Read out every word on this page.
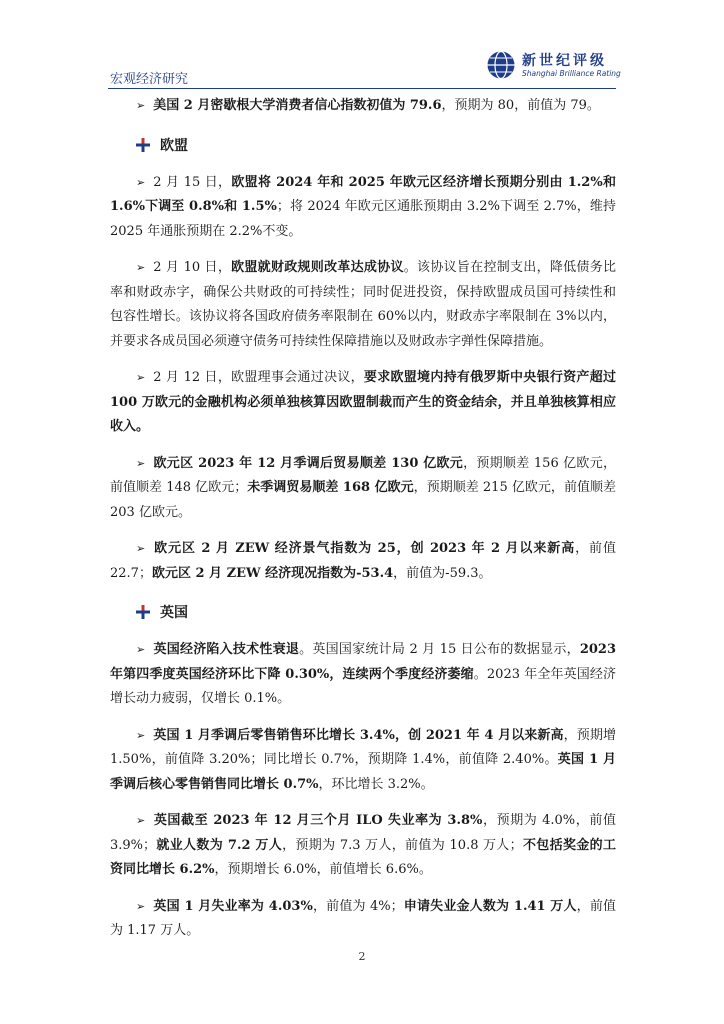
宏观经济研究
新世纪评级
Shanghai Brilliance Rating

➢ 美国 2 月密歇根大学消费者信心指数初值为 79.6，预期为 80，前值为 79。

欧盟

➢ 2 月 15 日，欧盟将 2024 年和 2025 年欧元区经济增长预期分别由 1.2%和 1.6%下调至 0.8%和 1.5%；将 2024 年欧元区通胀预期由 3.2%下调至 2.7%，维持 2025 年通胀预期在 2.2%不变。

➢ 2 月 10 日，欧盟就财政规则改革达成协议。该协议旨在控制支出，降低债务比率和财政赤字，确保公共财政的可持续性；同时促进投资，保持欧盟成员国可持续性和包容性增长。该协议将各国政府债务率限制在 60%以内，财政赤字率限制在 3%以内，并要求各成员国必须遵守债务可持续性保障措施以及财政赤字弹性保障措施。

➢ 2 月 12 日，欧盟理事会通过决议，要求欧盟境内持有俄罗斯中央银行资产超过 100 万欧元的金融机构必须单独核算因欧盟制裁而产生的资金结余，并且单独核算相应收入。

➢ 欧元区 2023 年 12 月季调后贸易顺差 130 亿欧元，预期顺差 156 亿欧元，前值顺差 148 亿欧元；未季调贸易顺差 168 亿欧元，预期顺差 215 亿欧元，前值顺差 203 亿欧元。

➢ 欧元区 2 月 ZEW 经济景气指数为 25，创 2023 年 2 月以来新高，前值 22.7；欧元区 2 月 ZEW 经济现况指数为-53.4，前值为-59.3。

英国

➢ 英国经济陷入技术性衰退。英国国家统计局 2 月 15 日公布的数据显示，2023 年第四季度英国经济环比下降 0.30%，连续两个季度经济萎缩。2023 年全年英国经济增长动力疲弱，仅增长 0.1%。

➢ 英国 1 月季调后零售销售环比增长 3.4%，创 2021 年 4 月以来新高，预期增 1.50%，前值降 3.20%；同比增长 0.7%，预期降 1.4%，前值降 2.40%。英国 1 月季调后核心零售销售同比增长 0.7%，环比增长 3.2%。

➢ 英国截至 2023 年 12 月三个月 ILO 失业率为 3.8%，预期为 4.0%，前值 3.9%；就业人数为 7.2 万人，预期为 7.3 万人，前值为 10.8 万人；不包括奖金的工资同比增长 6.2%，预期增长 6.0%，前值增长 6.6%。

➢ 英国 1 月失业率为 4.03%，前值为 4%；申请失业金人数为 1.41 万人，前值为 1.17 万人。

2
